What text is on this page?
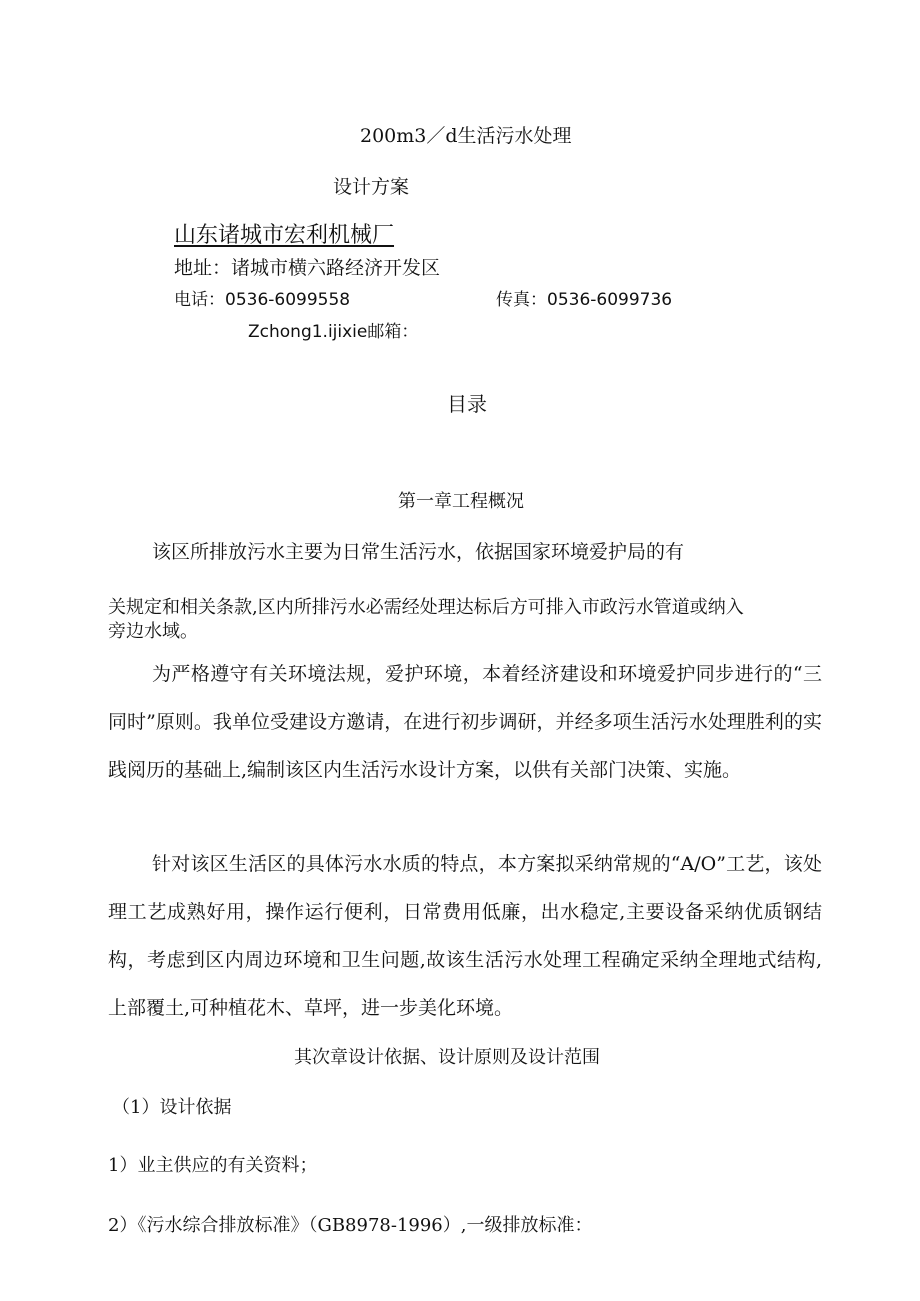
200m3／d生活污水处理
设计方案
山东诸城市宏利机械厂
地址：诸城市横六路经济开发区
电话：0536-6099558	传真：0536-6099736
Zchong1.ijixie邮箱：
目录
第一章工程概况
该区所排放污水主要为日常生活污水，依据国家环境爱护局的有
关规定和相关条款,区内所排污水必需经处理达标后方可排入市政污水管道或纳入
旁边水域。
为严格遵守有关环境法规，爱护环境，本着经济建设和环境爱护同步进行的“三同时”原则。我单位受建设方邀请，在进行初步调研，并经多项生活污水处理胜利的实践阅历的基础上,编制该区内生活污水设计方案，以供有关部门决策、实施。
针对该区生活区的具体污水水质的特点，本方案拟采纳常规的“A/O”工艺，该处理工艺成熟好用，操作运行便利，日常费用低廉，出水稳定,主要设备采纳优质钢结构，考虑到区内周边环境和卫生问题,故该生活污水处理工程确定采纳全理地式结构,上部覆土,可种植花木、草坪，进一步美化环境。
其次章设计依据、设计原则及设计范围
（1）设计依据
1）业主供应的有关资料；
2）《污水综合排放标准》（GB8978-1996）,一级排放标准：
